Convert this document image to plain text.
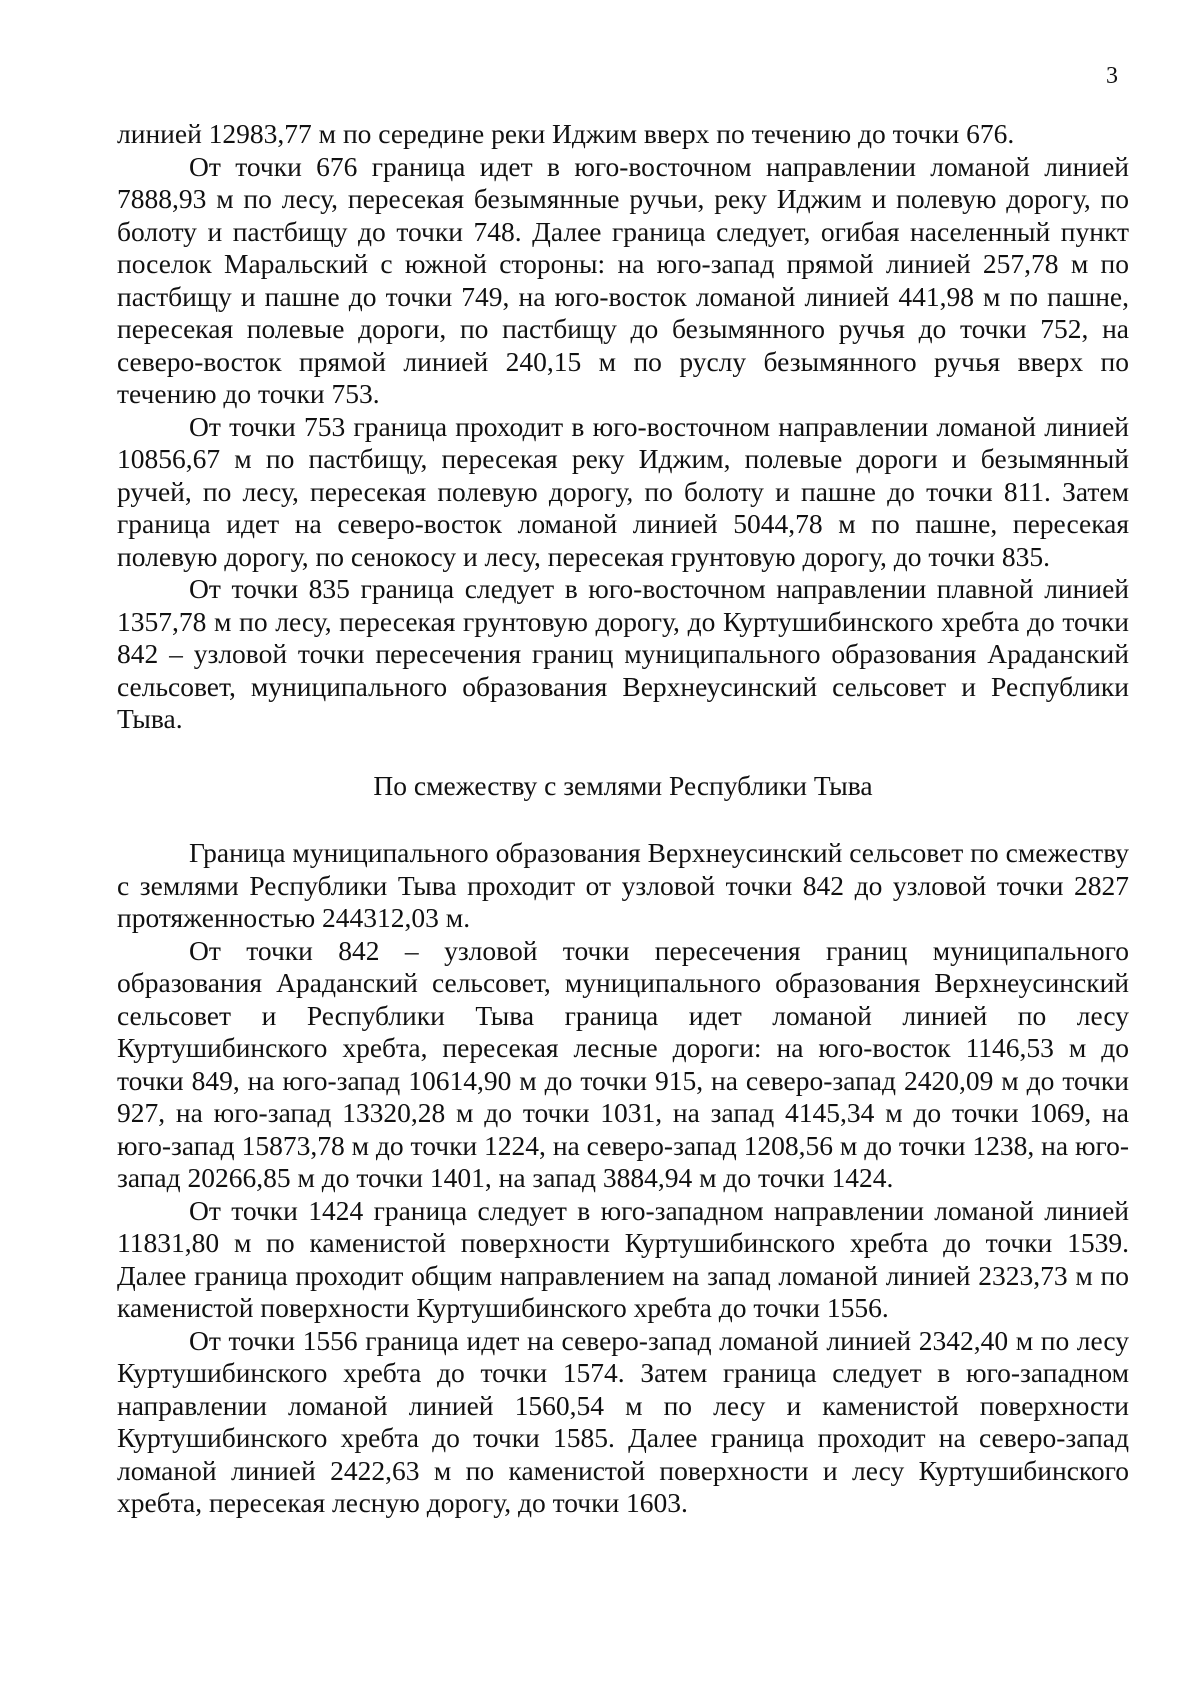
3

линией 12983,77 м по середине реки Иджим вверх по течению до точки 676.

От точки 676 граница идет в юго-восточном направлении ломаной линией 7888,93 м по лесу, пересекая безымянные ручьи, реку Иджим и полевую дорогу, по болоту и пастбищу до точки 748. Далее граница следует, огибая населенный пункт поселок Маральский с южной стороны: на юго-запад прямой линией 257,78 м по пастбищу и пашне до точки 749, на юго-восток ломаной линией 441,98 м по пашне, пересекая полевые дороги, по пастбищу до безымянного ручья до точки 752, на северо-восток прямой линией 240,15 м по руслу безымянного ручья вверх по течению до точки 753.

От точки 753 граница проходит в юго-восточном направлении ломаной линией 10856,67 м по пастбищу, пересекая реку Иджим, полевые дороги и безымянный ручей, по лесу, пересекая полевую дорогу, по болоту и пашне до точки 811. Затем граница идет на северо-восток ломаной линией 5044,78 м по пашне, пересекая полевую дорогу, по сенокосу и лесу, пересекая грунтовую дорогу, до точки 835.

От точки 835 граница следует в юго-восточном направлении плавной линией 1357,78 м по лесу, пересекая грунтовую дорогу, до Куртушибинского хребта до точки 842 – узловой точки пересечения границ муниципального образования Араданский сельсовет, муниципального образования Верхнеусинский сельсовет и Республики Тыва.

По смежеству с землями Республики Тыва

Граница муниципального образования Верхнеусинский сельсовет по смежеству с землями Республики Тыва проходит от узловой точки 842 до узловой точки 2827 протяженностью 244312,03 м.

От точки 842 – узловой точки пересечения границ муниципального образования Араданский сельсовет, муниципального образования Верхнеусинский сельсовет и Республики Тыва граница идет ломаной линией по лесу Куртушибинского хребта, пересекая лесные дороги: на юго-восток 1146,53 м до точки 849, на юго-запад 10614,90 м до точки 915, на северо-запад 2420,09 м до точки 927, на юго-запад 13320,28 м до точки 1031, на запад 4145,34 м до точки 1069, на юго-запад 15873,78 м до точки 1224, на северо-запад 1208,56 м до точки 1238, на юго-запад 20266,85 м до точки 1401, на запад 3884,94 м до точки 1424.

От точки 1424 граница следует в юго-западном направлении ломаной линией 11831,80 м по каменистой поверхности Куртушибинского хребта до точки 1539. Далее граница проходит общим направлением на запад ломаной линией 2323,73 м по каменистой поверхности Куртушибинского хребта до точки 1556.

От точки 1556 граница идет на северо-запад ломаной линией 2342,40 м по лесу Куртушибинского хребта до точки 1574. Затем граница следует в юго-западном направлении ломаной линией 1560,54 м по лесу и каменистой поверхности Куртушибинского хребта до точки 1585. Далее граница проходит на северо-запад ломаной линией 2422,63 м по каменистой поверхности и лесу Куртушибинского хребта, пересекая лесную дорогу, до точки 1603.
